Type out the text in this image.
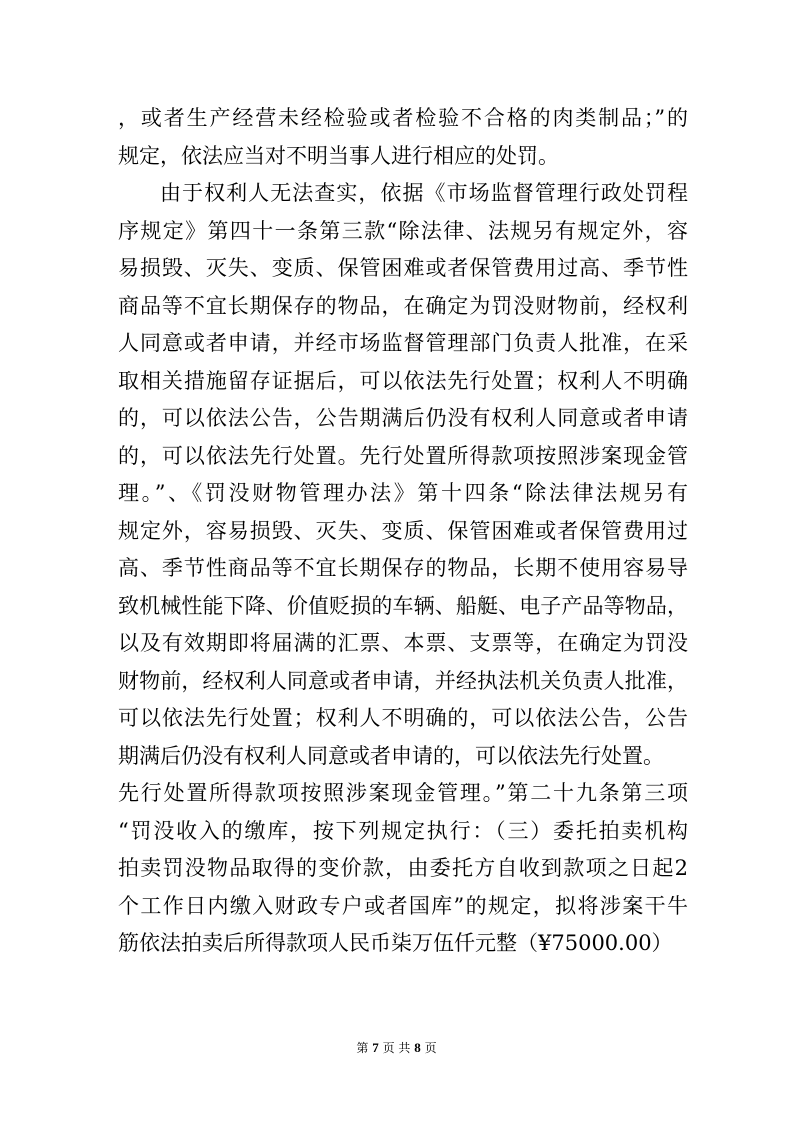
，或者生产经营未经检验或者检验不合格的肉类制品；”的
规定，依法应当对不明当事人进行相应的处罚。
由于权利人无法查实，依据《市场监督管理行政处罚程
序规定》第四十一条第三款“除法律、法规另有规定外，容
易损毁、灭失、变质、保管困难或者保管费用过高、季节性
商品等不宜长期保存的物品，在确定为罚没财物前，经权利
人同意或者申请，并经市场监督管理部门负责人批准，在采
取相关措施留存证据后，可以依法先行处置；权利人不明确
的，可以依法公告，公告期满后仍没有权利人同意或者申请
的，可以依法先行处置。先行处置所得款项按照涉案现金管
理。”、《罚没财物管理办法》第十四条“除法律法规另有
规定外，容易损毁、灭失、变质、保管困难或者保管费用过
高、季节性商品等不宜长期保存的物品，长期不使用容易导
致机械性能下降、价值贬损的车辆、船艇、电子产品等物品，
以及有效期即将届满的汇票、本票、支票等，在确定为罚没
财物前，经权利人同意或者申请，并经执法机关负责人批准，
可以依法先行处置；权利人不明确的，可以依法公告，公告
期满后仍没有权利人同意或者申请的，可以依法先行处置。
先行处置所得款项按照涉案现金管理。”第二十九条第三项
“罚没收入的缴库，按下列规定执行：（三）委托拍卖机构
拍卖罚没物品取得的变价款，由委托方自收到款项之日起2
个工作日内缴入财政专户或者国库”的规定，拟将涉案干牛
筋依法拍卖后所得款项人民币柒万伍仟元整（¥75000.00）
第 7 页 共 8 页
